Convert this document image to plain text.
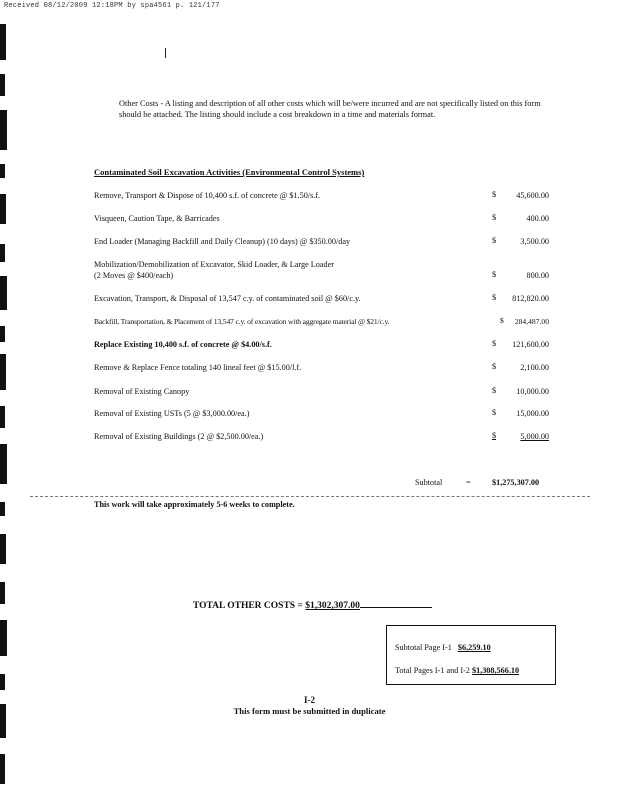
Received 08/12/2009 12:18PM by spa4561 p. 121/177
Other Costs - A listing and description of all other costs which will be/were incurred and are not specifically listed on this form should be attached. The listing should include a cost breakdown in a time and materials format.
Contaminated Soil Excavation Activities (Environmental Control Systems)
Remove, Transport & Dispose of 10,400 s.f. of concrete @ $1.50/s.f.	$ 45,600.00
Visqueen, Caution Tape, & Barricades	$	400.00
End Loader (Managing Backfill and Daily Cleanup) (10 days) @ $350.00/day	$	3,500.00
Mobilization/Demobilization of Excavator, Skid Loader, & Large Loader
(2 Moves @ $400/each)	$	800.00
Excavation, Transport, & Disposal of 13,547 c.y. of contaminated soil @ $60/c.y.	$ 812,820.00
Backfill, Transportation, & Placement of 13,547 c.y. of excavation with aggregate material @ $21/c.y.	$ 284,487.00
Replace Existing 10,400 s.f. of concrete @ $4.00/s.f.	$ 121,600.00
Remove & Replace Fence totaling 140 lineal feet @ $15.00/l.f.	$	2,100.00
Removal of Existing Canopy	$ 10,000.00
Removal of Existing USTs (5 @ $3,000.00/ea.)	$ 15,000.00
Removal of Existing Buildings (2 @ $2,500.00/ea.)	$	5,000.00
Subtotal	=	$1,275,307.00
This work will take approximately 5-6 weeks to complete.
TOTAL OTHER COSTS = $1,302,307.00
Subtotal Page I-1 $6,259.10
Total Pages I-1 and I-2 $1,308,566.10
I-2
This form must be submitted in duplicate
